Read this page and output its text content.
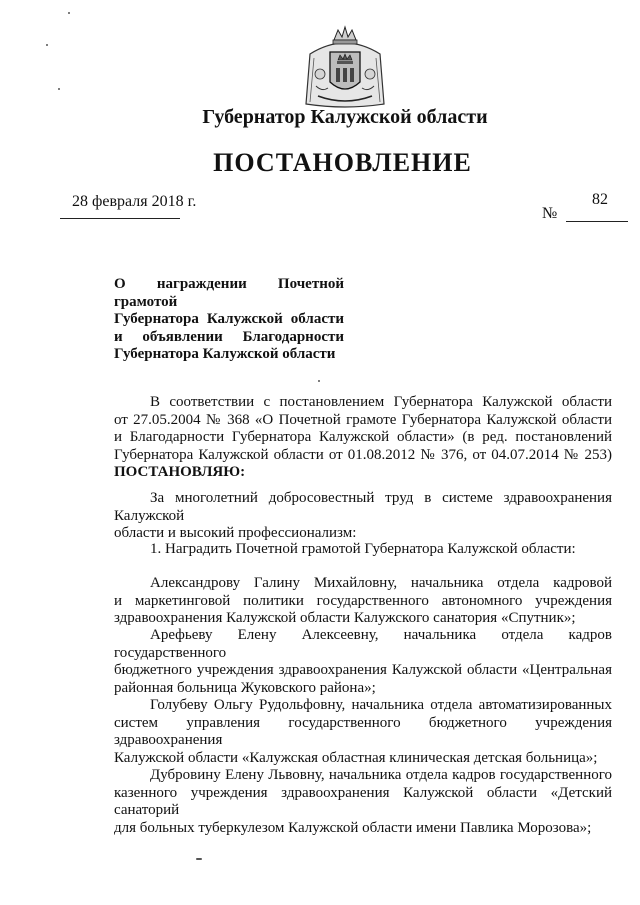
Губернатор Калужской области
ПОСТАНОВЛЕНИЕ
28 февраля 2018 г.	82
№
О награждении Почетной грамотой
Губернатора Калужской области
и объявлении Благодарности
Губернатора Калужской области
В соответствии с постановлением Губернатора Калужской области
от 27.05.2004 № 368 «О Почетной грамоте Губернатора Калужской области
и Благодарности Губернатора Калужской области» (в ред. постановлений
Губернатора Калужской области от 01.08.2012 № 376, от 04.07.2014 № 253)
ПОСТАНОВЛЯЮ:
За многолетний добросовестный труд в системе здравоохранения Калужской
области и высокий профессионализм:
1. Наградить Почетной грамотой Губернатора Калужской области:
Александрову Галину Михайловну, начальника отдела кадровой
и маркетинговой политики государственного автономного учреждения
здравоохранения Калужской области Калужского санатория «Спутник»;
Арефьеву Елену Алексеевну, начальника отдела кадров государственного
бюджетного учреждения здравоохранения Калужской области «Центральная
районная больница Жуковского района»;
Голубеву Ольгу Рудольфовну, начальника отдела автоматизированных
систем управления государственного бюджетного учреждения здравоохранения
Калужской области «Калужская областная клиническая детская больница»;
Дубровину Елену Львовну, начальника отдела кадров государственного
казенного учреждения здравоохранения Калужской области «Детский санаторий
для больных туберкулезом Калужской области имени Павлика Морозова»;
